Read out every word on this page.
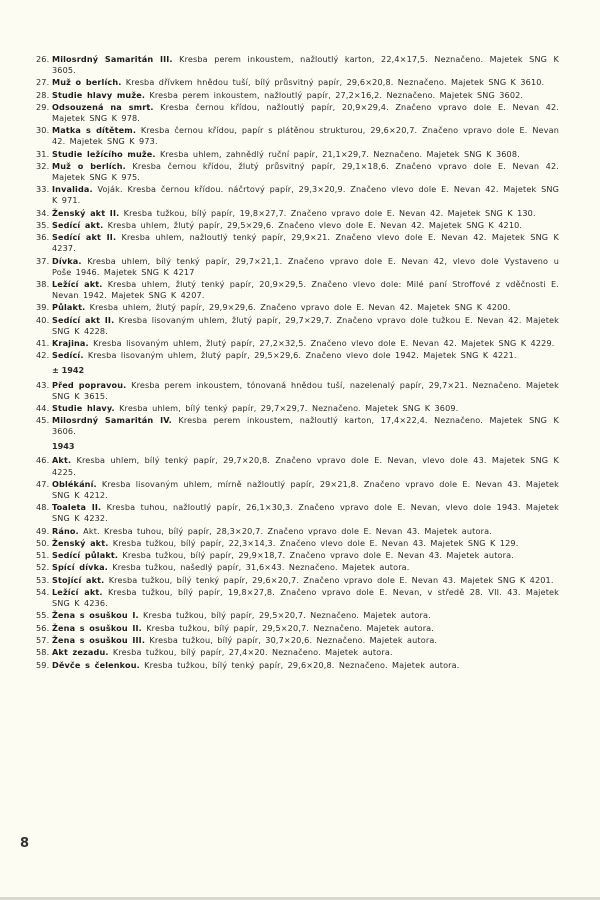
26. Milosrdný Samaritán III. Kresba perem inkoustem, nažloutlý karton, 22,4×17,5. Neznačeno. Majetek SNG K 3605.
27. Muž o berlích. Kresba dřívkem hnědou tuší, bílý průsvitný papír, 29,6×20,8. Neznačeno. Majetek SNG K 3610.
28. Studie hlavy muže. Kresba perem inkoustem, nažloutlý papír, 27,2×16,2. Neznačeno. Majetek SNG 3602.
29. Odsouzená na smrt. Kresba černou křídou, nažloutlý papír, 20,9×29,4. Značeno vpravo dole E. Nevan 42. Majetek SNG K 978.
30. Matka s dítětem. Kresba černou křídou, papír s plátěnou strukturou, 29,6×20,7. Značeno vpravo dole E. Nevan 42. Majetek SNG K 973.
31. Studie ležícího muže. Kresba uhlem, zahnědlý ruční papír, 21,1×29,7. Neznačeno. Majetek SNG K 3608.
32. Muž o berlích. Kresba černou křídou, žlutý průsvitný papír, 29,1×18,6. Značeno vpravo dole E. Nevan 42. Majetek SNG K 975.
33. Invalida. Voják. Kresba černou křídou. náčrtový papír, 29,3×20,9. Značeno vlevo dole E. Nevan 42. Majetek SNG K 971.
34. Ženský akt II. Kresba tužkou, bílý papír, 19,8×27,7. Značeno vpravo dole E. Nevan 42. Majetek SNG K 130.
35. Sedící akt. Kresba uhlem, žlutý papír, 29,5×29,6. Značeno vlevo dole E. Nevan 42. Majetek SNG K 4210.
36. Sedící akt II. Kresba uhlem, nažloutlý tenký papír, 29,9×21. Značeno vlevo dole E. Nevan 42. Majetek SNG K 4237.
37. Dívka. Kresba uhlem, bílý tenký papír, 29,7×21,1. Značeno vpravo dole E. Nevan 42, vlevo dole Vystaveno u Poše 1946. Majetek SNG K 4217
38. Ležící akt. Kresba uhlem, žlutý tenký papír, 20,9×29,5. Značeno vlevo dole: Milé paní Stroffové z vděčnosti E. Nevan 1942. Majetek SNG K 4207.
39. Půlakt. Kresba uhlem, žlutý papír, 29,9×29,6. Značeno vpravo dole E. Nevan 42. Majetek SNG K 4200.
40. Sedící akt II. Kresba lisovaným uhlem, žlutý papír, 29,7×29,7. Značeno vpravo dole tužkou E. Nevan 42. Majetek SNG K 4228.
41. Krajina. Kresba lisovaným uhlem, žlutý papír, 27,2×32,5. Značeno vlevo dole E. Nevan 42. Majetek SNG K 4229.
42. Sedící. Kresba lisovaným uhlem, žlutý papír, 29,5×29,6. Značeno vlevo dole 1942. Majetek SNG K 4221.
± 1942
43. Před popravou. Kresba perem inkoustem, tónovaná hnědou tuší, nazelenalý papír, 29,7×21. Neznačeno. Majetek SNG K 3615.
44. Studie hlavy. Kresba uhlem, bílý tenký papír, 29,7×29,7. Neznačeno. Majetek SNG K 3609.
45. Milosrdný Samaritán IV. Kresba perem inkoustem, nažloutlý karton, 17,4×22,4. Neznačeno. Majetek SNG K 3606.
1943
46. Akt. Kresba uhlem, bílý tenký papír, 29,7×20,8. Značeno vpravo dole E. Nevan, vlevo dole 43. Majetek SNG K 4225.
47. Oblékání. Kresba lisovaným uhlem, mírně nažloutlý papír, 29×21,8. Značeno vpravo dole E. Nevan 43. Majetek SNG K 4212.
48. Toaleta II. Kresba tuhou, nažloutlý papír, 26,1×30,3. Značeno vpravo dole E. Nevan, vlevo dole 1943. Majetek SNG K 4232.
49. Ráno. Akt. Kresba tuhou, bílý papír, 28,3×20,7. Značeno vpravo dole E. Nevan 43. Majetek autora.
50. Ženský akt. Kresba tužkou, bílý papír, 22,3×14,3. Značeno vlevo dole E. Nevan 43. Majetek SNG K 129.
51. Sedící půlakt. Kresba tužkou, bílý papír, 29,9×18,7. Značeno vpravo dole E. Nevan 43. Majetek autora.
52. Spící dívka. Kresba tužkou, našedlý papír, 31,6×43. Neznačeno. Majetek autora.
53. Stojící akt. Kresba tužkou, bílý tenký papír, 29,6×20,7. Značeno vpravo dole E. Nevan 43. Majetek SNG K 4201.
54. Ležící akt. Kresba tužkou, bílý papír, 19,8×27,8. Značeno vpravo dole E. Nevan, v středě 28. VII. 43. Majetek SNG K 4236.
55. Žena s osuškou I. Kresba tužkou, bílý papír, 29,5×20,7. Neznačeno. Majetek autora.
56. Žena s osuškou II. Kresba tužkou, bílý papír, 29,5×20,7. Neznačeno. Majetek autora.
57. Žena s osuškou III. Kresba tužkou, bílý papír, 30,7×20,6. Neznačeno. Majetek autora.
58. Akt zezadu. Kresba tužkou, bílý papír, 27,4×20. Neznačeno. Majetek autora.
59. Děvče s čelenkou. Kresba tužkou, bílý tenký papír, 29,6×20,8. Neznačeno. Majetek autora.
8
